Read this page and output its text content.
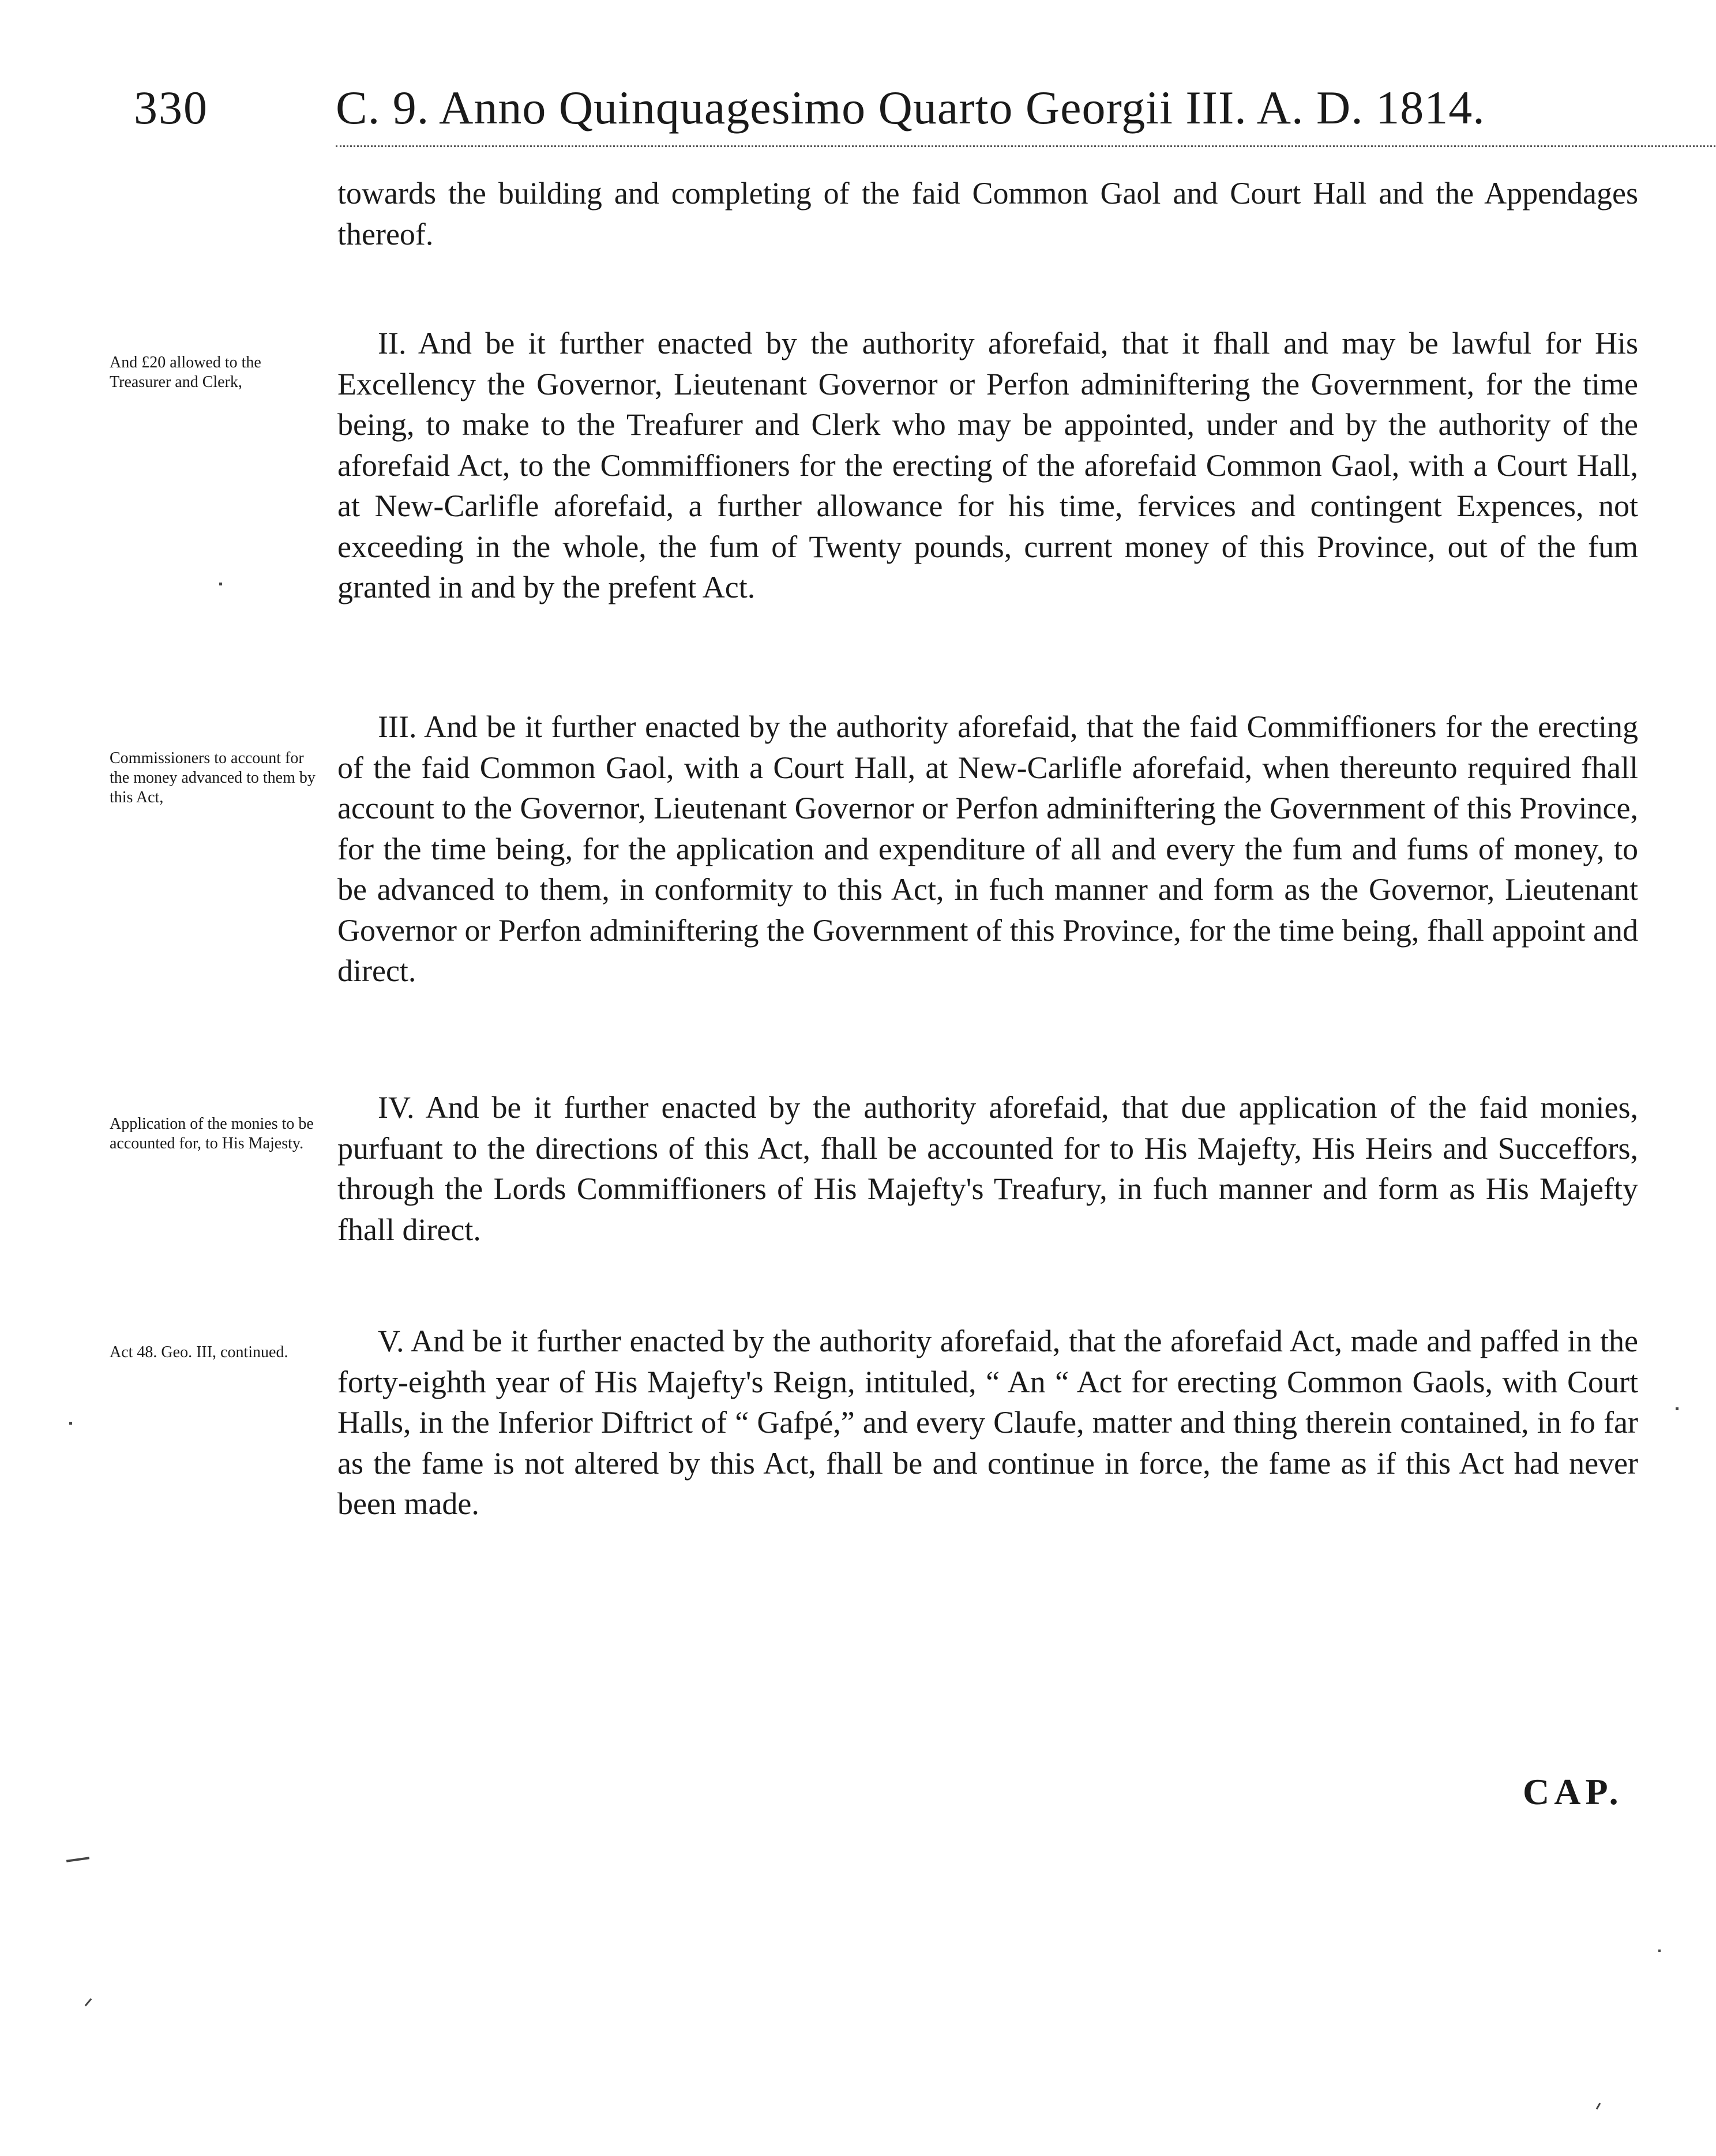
330	C. 9. Anno Quinquagesimo Quarto Georgii III. A. D. 1814.
towards the building and completing of the faid Common Gaol and Court Hall and the Appendages thereof.
And £20 allowed to the Treasurer and Clerk,
II. And be it further enacted by the authority aforefaid, that it fhall and may be lawful for His Excellency the Governor, Lieutenant Governor or Perfon adminiftering the Government, for the time being, to make to the Treafurer and Clerk who may be appointed, under and by the authority of the aforefaid Act, to the Commiffioners for the erecting of the aforefaid Common Gaol, with a Court Hall, at New-Carlifle aforefaid, a further allowance for his time, fervices and contingent Expences, not exceeding in the whole, the fum of Twenty pounds, current money of this Province, out of the fum granted in and by the prefent Act.
Commissioners to account for the money advanced to them by this Act,
III. And be it further enacted by the authority aforefaid, that the faid Commiffioners for the erecting of the faid Common Gaol, with a Court Hall, at New-Carlifle aforefaid, when thereunto required fhall account to the Governor, Lieutenant Governor or Perfon adminiftering the Government of this Province, for the time being, for the application and expenditure of all and every the fum and fums of money, to be advanced to them, in conformity to this Act, in fuch manner and form as the Governor, Lieutenant Governor or Perfon adminiftering the Government of this Province, for the time being, fhall appoint and direct.
Application of the monies to be accounted for, to His Majesty.
IV. And be it further enacted by the authority aforefaid, that due application of the faid monies, purfuant to the directions of this Act, fhall be accounted for to His Majefty, His Heirs and Succeffors, through the Lords Commiffioners of His Majefty's Treafury, in fuch manner and form as His Majefty fhall direct.
Act 48. Geo. III, continued.	V. And be it further enacted by the authority aforefaid, that the aforefaid Act, made and paffed in the forty-eighth year of His Majefty's Reign, intituled, “ An “ Act for erecting Common Gaols, with Court Halls, in the Inferior Diftrict of “ Gafpé,” and every Claufe, matter and thing therein contained, in fo far as the fame is not altered by this Act, fhall be and continue in force, the fame as if this Act had never been made.
CAP.
